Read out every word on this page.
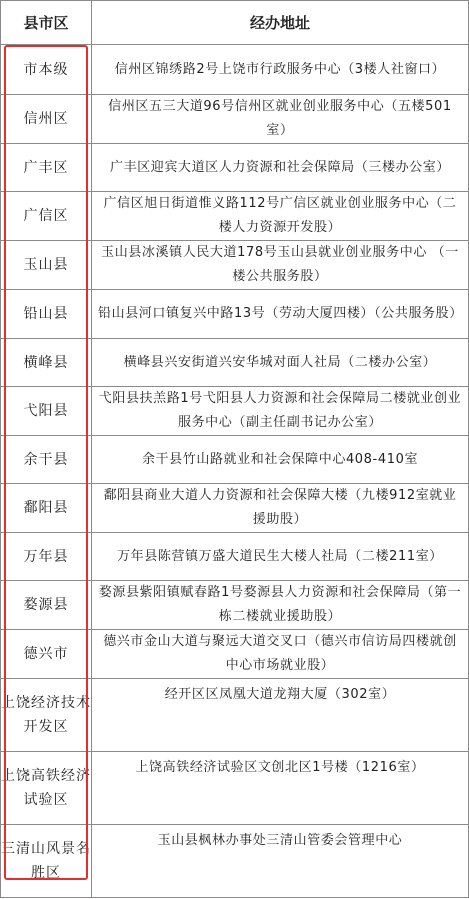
县市区	经办地址
市本级	信州区锦绣路2号上饶市行政服务中心（3楼人社窗口）
信州区	信州区五三大道96号信州区就业创业服务中心（五楼501室）
广丰区	广丰区迎宾大道区人力资源和社会保障局（三楼办公室）
广信区	广信区旭日街道惟义路112号广信区就业创业服务中心（二楼人力资源开发股）
玉山县	玉山县冰溪镇人民大道178号玉山县就业创业服务中心 （一楼公共服务股）
铅山县	铅山县河口镇复兴中路13号（劳动大厦四楼）（公共服务股）
横峰县	横峰县兴安街道兴安华城对面人社局（二楼办公室）
弋阳县	弋阳县扶羔路1号弋阳县人力资源和社会保障局二楼就业创业服务中心（副主任副书记办公室）
余干县	余干县竹山路就业和社会保障中心408-410室
鄱阳县	鄱阳县商业大道人力资源和社会保障大楼（九楼912室就业援助股）
万年县	万年县陈营镇万盛大道民生大楼人社局（二楼211室）
婺源县	婺源县紫阳镇赋春路1号婺源县人力资源和社会保障局（第一栋二楼就业援助股）
德兴市	德兴市金山大道与聚远大道交叉口（德兴市信访局四楼就创中心市场就业股）
上饶经济技术开发区	经开区区凤凰大道龙翔大厦（302室）
上饶高铁经济试验区	上饶高铁经济试验区文创北区1号楼（1216室）
三清山风景名胜区	玉山县枫林办事处三清山管委会管理中心
